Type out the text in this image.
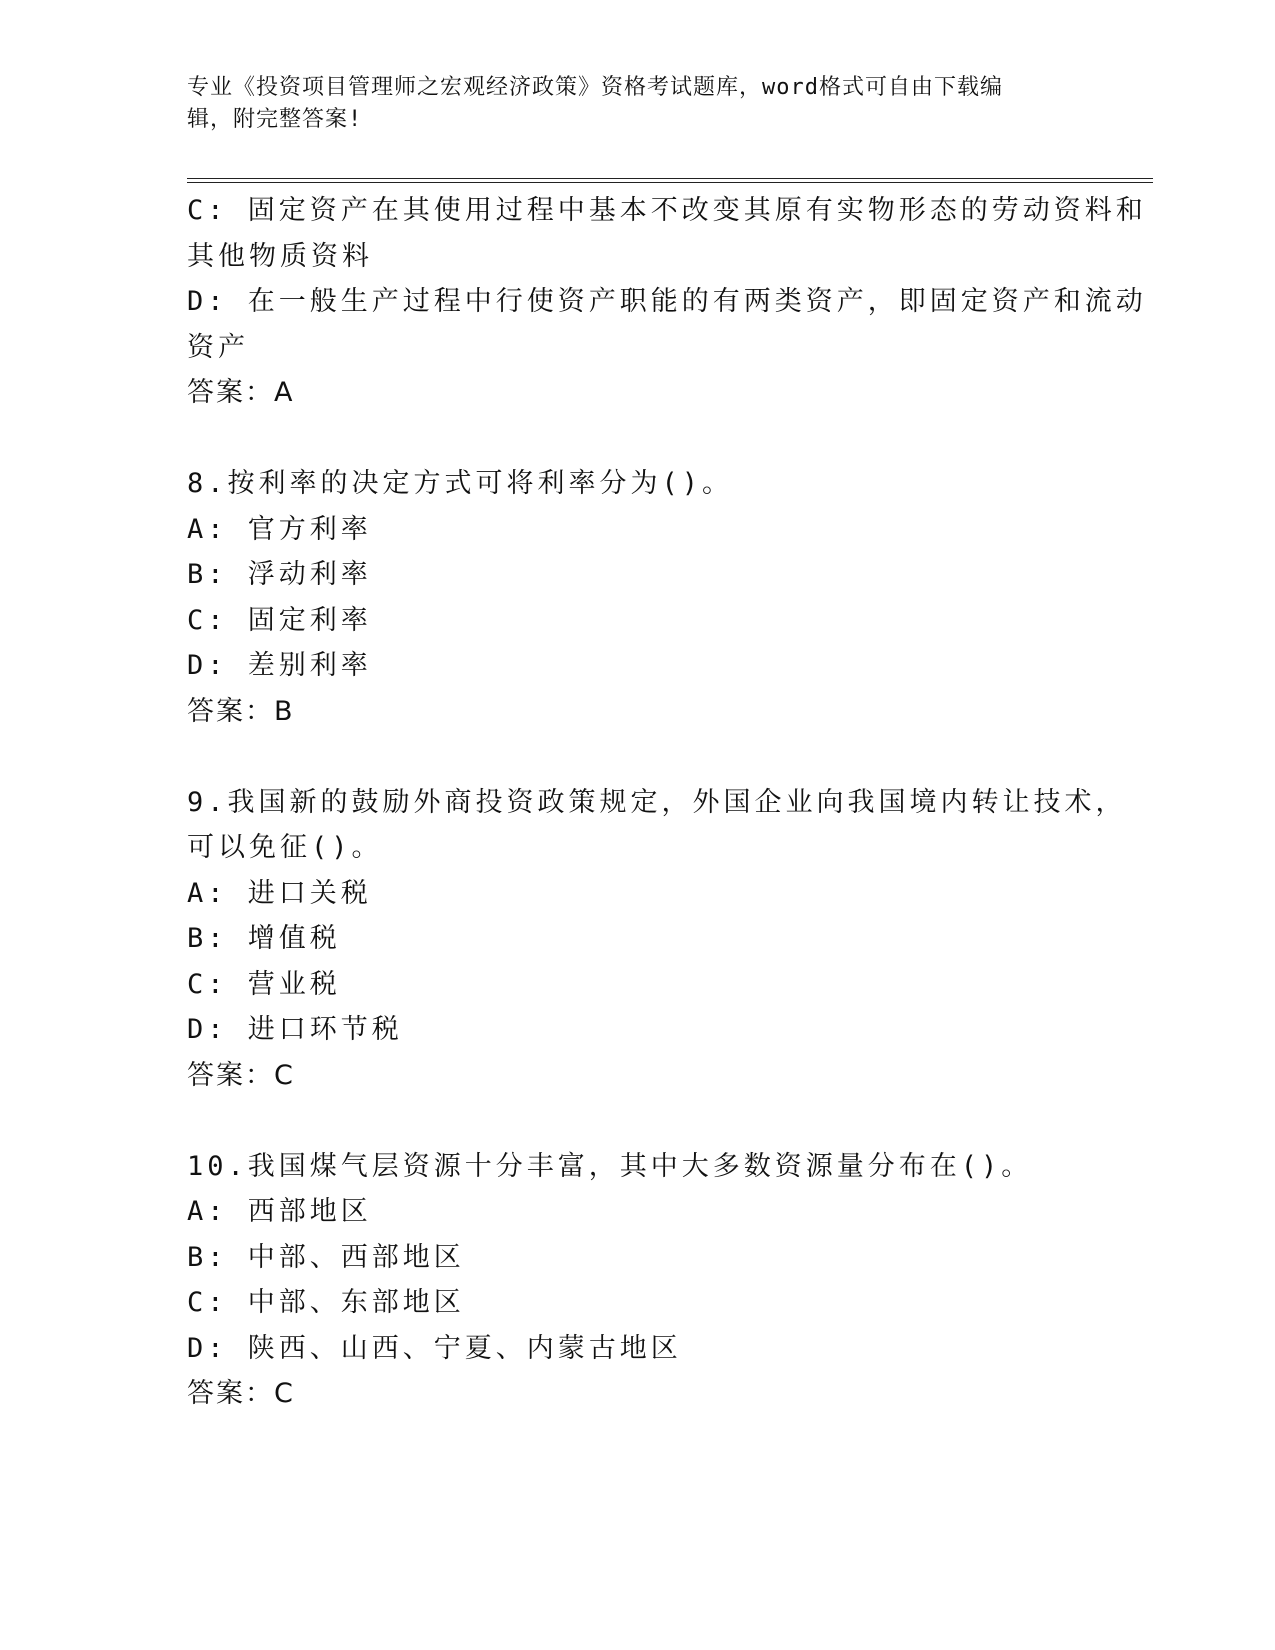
专业《投资项目管理师之宏观经济政策》资格考试题库，word格式可自由下载编
辑，附完整答案!
C: 固定资产在其使用过程中基本不改变其原有实物形态的劳动资料和
其他物质资料
D: 在一般生产过程中行使资产职能的有两类资产，即固定资产和流动
资产
答案：A
8.按利率的决定方式可将利率分为()。
A: 官方利率
B: 浮动利率
C: 固定利率
D: 差别利率
答案：B
9.我国新的鼓励外商投资政策规定，外国企业向我国境内转让技术，
可以免征()。
A: 进口关税
B: 增值税
C: 营业税
D: 进口环节税
答案：C
10.我国煤气层资源十分丰富，其中大多数资源量分布在()。
A: 西部地区
B: 中部、西部地区
C: 中部、东部地区
D: 陕西、山西、宁夏、内蒙古地区
答案：C
